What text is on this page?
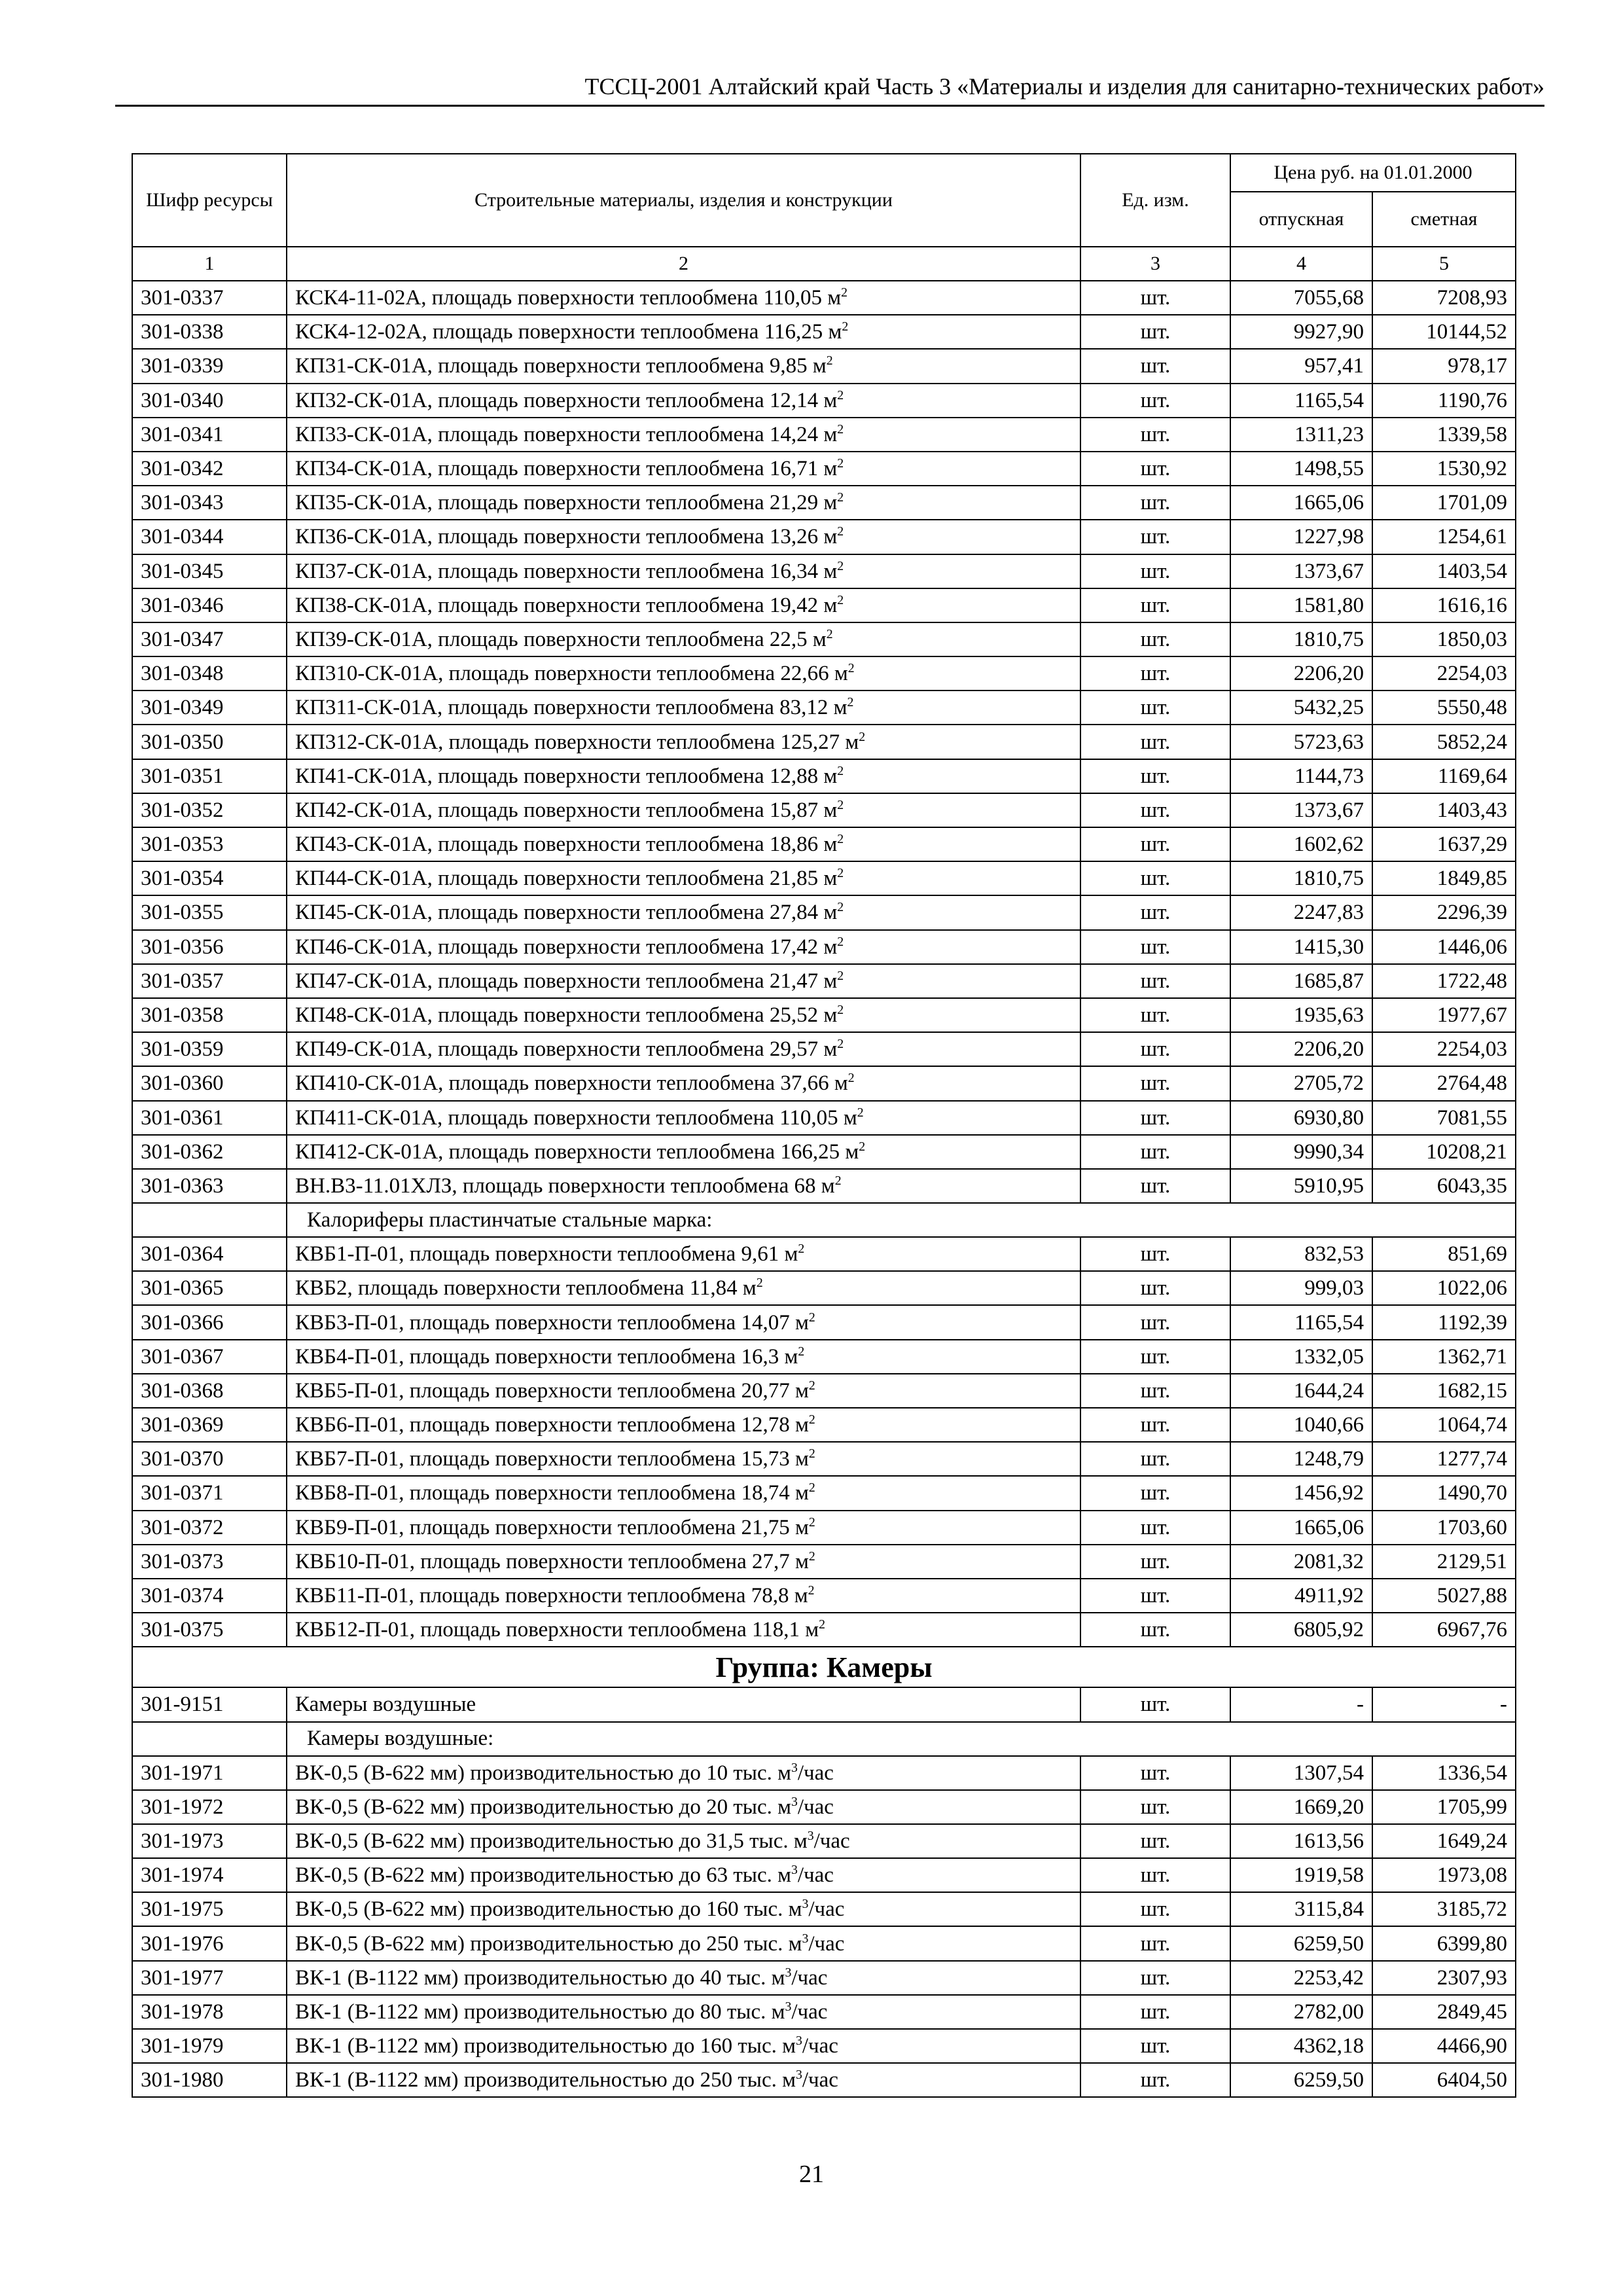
ТССЦ-2001 Алтайский край Часть 3 «Материалы и изделия для санитарно-технических работ»
Шифр ресурсы	Строительные материалы, изделия и конструкции	Ед. изм.	Цена руб. на 01.01.2000	
			отпускная	сметная
1	2	3	4	5
301-0337	КСК4-11-02А, площадь поверхности теплообмена 110,05 $м^2$	шт.	7055,68	7208,93
301-0338	КСК4-12-02А, площадь поверхности теплообмена 116,25 $м^2$	шт.	9927,90	10144,52
301-0339	КП31-СК-01А, площадь поверхности теплообмена 9,85 $м^2$	шт.	957,41	978,17
301-0340	КП32-СК-01А, площадь поверхности теплообмена 12,14 $м^2$	шт.	1165,54	1190,76
301-0341	КП33-СК-01А, площадь поверхности теплообмена 14,24 $м^2$	шт.	1311,23	1339,58
301-0342	КП34-СК-01А, площадь поверхности теплообмена 16,71 $м^2$	шт.	1498,55	1530,92
301-0343	КП35-СК-01А, площадь поверхности теплообмена 21,29 $м^2$	шт.	1665,06	1701,09
301-0344	КП36-СК-01А, площадь поверхности теплообмена 13,26 $м^2$	шт.	1227,98	1254,61
301-0345	КП37-СК-01А, площадь поверхности теплообмена 16,34 $м^2$	шт.	1373,67	1403,54
301-0346	КП38-СК-01А, площадь поверхности теплообмена 19,42 $м^2$	шт.	1581,80	1616,16
301-0347	КП39-СК-01А, площадь поверхности теплообмена 22,5 $м^2$	шт.	1810,75	1850,03
301-0348	КП310-СК-01А, площадь поверхности теплообмена 22,66 $м^2$	шт.	2206,20	2254,03
301-0349	КП311-СК-01А, площадь поверхности теплообмена 83,12 $м^2$	шт.	5432,25	5550,48
301-0350	КП312-СК-01А, площадь поверхности теплообмена 125,27 $м^2$	шт.	5723,63	5852,24
301-0351	КП41-СК-01А, площадь поверхности теплообмена 12,88 $м^2$	шт.	1144,73	1169,64
301-0352	КП42-СК-01А, площадь поверхности теплообмена 15,87 $м^2$	шт.	1373,67	1403,43
301-0353	КП43-СК-01А, площадь поверхности теплообмена 18,86 $м^2$	шт.	1602,62	1637,29
301-0354	КП44-СК-01А, площадь поверхности теплообмена 21,85 $м^2$	шт.	1810,75	1849,85
301-0355	КП45-СК-01А, площадь поверхности теплообмена 27,84 $м^2$	шт.	2247,83	2296,39
301-0356	КП46-СК-01А, площадь поверхности теплообмена 17,42 $м^2$	шт.	1415,30	1446,06
301-0357	КП47-СК-01А, площадь поверхности теплообмена 21,47 $м^2$	шт.	1685,87	1722,48
301-0358	КП48-СК-01А, площадь поверхности теплообмена 25,52 $м^2$	шт.	1935,63	1977,67
301-0359	КП49-СК-01А, площадь поверхности теплообмена 29,57 $м^2$	шт.	2206,20	2254,03
301-0360	КП410-СК-01А, площадь поверхности теплообмена 37,66 $м^2$	шт.	2705,72	2764,48
301-0361	КП411-СК-01А, площадь поверхности теплообмена 110,05 $м^2$	шт.	6930,80	7081,55
301-0362	КП412-СК-01А, площадь поверхности теплообмена 166,25 $м^2$	шт.	9990,34	10208,21
301-0363	ВН.В3-11.01ХЛЗ, площадь поверхности теплообмена 68 $м^2$	шт.	5910,95	6043,35
	Калориферы пластинчатые стальные марка:			
301-0364	КВБ1-П-01, площадь поверхности теплообмена 9,61 $м^2$	шт.	832,53	851,69
301-0365	КВБ2, площадь поверхности теплообмена 11,84 $м^2$	шт.	999,03	1022,06
301-0366	КВБ3-П-01, площадь поверхности теплообмена 14,07 $м^2$	шт.	1165,54	1192,39
301-0367	КВБ4-П-01, площадь поверхности теплообмена 16,3 $м^2$	шт.	1332,05	1362,71
301-0368	КВБ5-П-01, площадь поверхности теплообмена 20,77 $м^2$	шт.	1644,24	1682,15
301-0369	КВБ6-П-01, площадь поверхности теплообмена 12,78 $м^2$	шт.	1040,66	1064,74
301-0370	КВБ7-П-01, площадь поверхности теплообмена 15,73 $м^2$	шт.	1248,79	1277,74
301-0371	КВБ8-П-01, площадь поверхности теплообмена 18,74 $м^2$	шт.	1456,92	1490,70
301-0372	КВБ9-П-01, площадь поверхности теплообмена 21,75 $м^2$	шт.	1665,06	1703,60
301-0373	КВБ10-П-01, площадь поверхности теплообмена 27,7 $м^2$	шт.	2081,32	2129,51
301-0374	КВБ11-П-01, площадь поверхности теплообмена 78,8 $м^2$	шт.	4911,92	5027,88
301-0375	КВБ12-П-01, площадь поверхности теплообмена 118,1 $м^2$	шт.	6805,92	6967,76
Группа: Камеры				
301-9151	Камеры воздушные	шт.	-	-
	Камеры воздушные:			
301-1971	ВК-0,5 (В-622 мм) производительностью до 10 тыс. $м^3$/час	шт.	1307,54	1336,54
301-1972	ВК-0,5 (В-622 мм) производительностью до 20 тыс. $м^3$/час	шт.	1669,20	1705,99
301-1973	ВК-0,5 (В-622 мм) производительностью до 31,5 тыс. $м^3$/час	шт.	1613,56	1649,24
301-1974	ВК-0,5 (В-622 мм) производительностью до 63 тыс. $м^3$/час	шт.	1919,58	1973,08
301-1975	ВК-0,5 (В-622 мм) производительностью до 160 тыс. $м^3$/час	шт.	3115,84	3185,72
301-1976	ВК-0,5 (В-622 мм) производительностью до 250 тыс. $м^3$/час	шт.	6259,50	6399,80
301-1977	ВК-1 (В-1122 мм) производительностью до 40 тыс. $м^3$/час	шт.	2253,42	2307,93
301-1978	ВК-1 (В-1122 мм) производительностью до 80 тыс. $м^3$/час	шт.	2782,00	2849,45
301-1979	ВК-1 (В-1122 мм) производительностью до 160 тыс. $м^3$/час	шт.	4362,18	4466,90
301-1980	ВК-1 (В-1122 мм) производительностью до 250 тыс. $м^3$/час	шт.	6259,50	6404,50
21
